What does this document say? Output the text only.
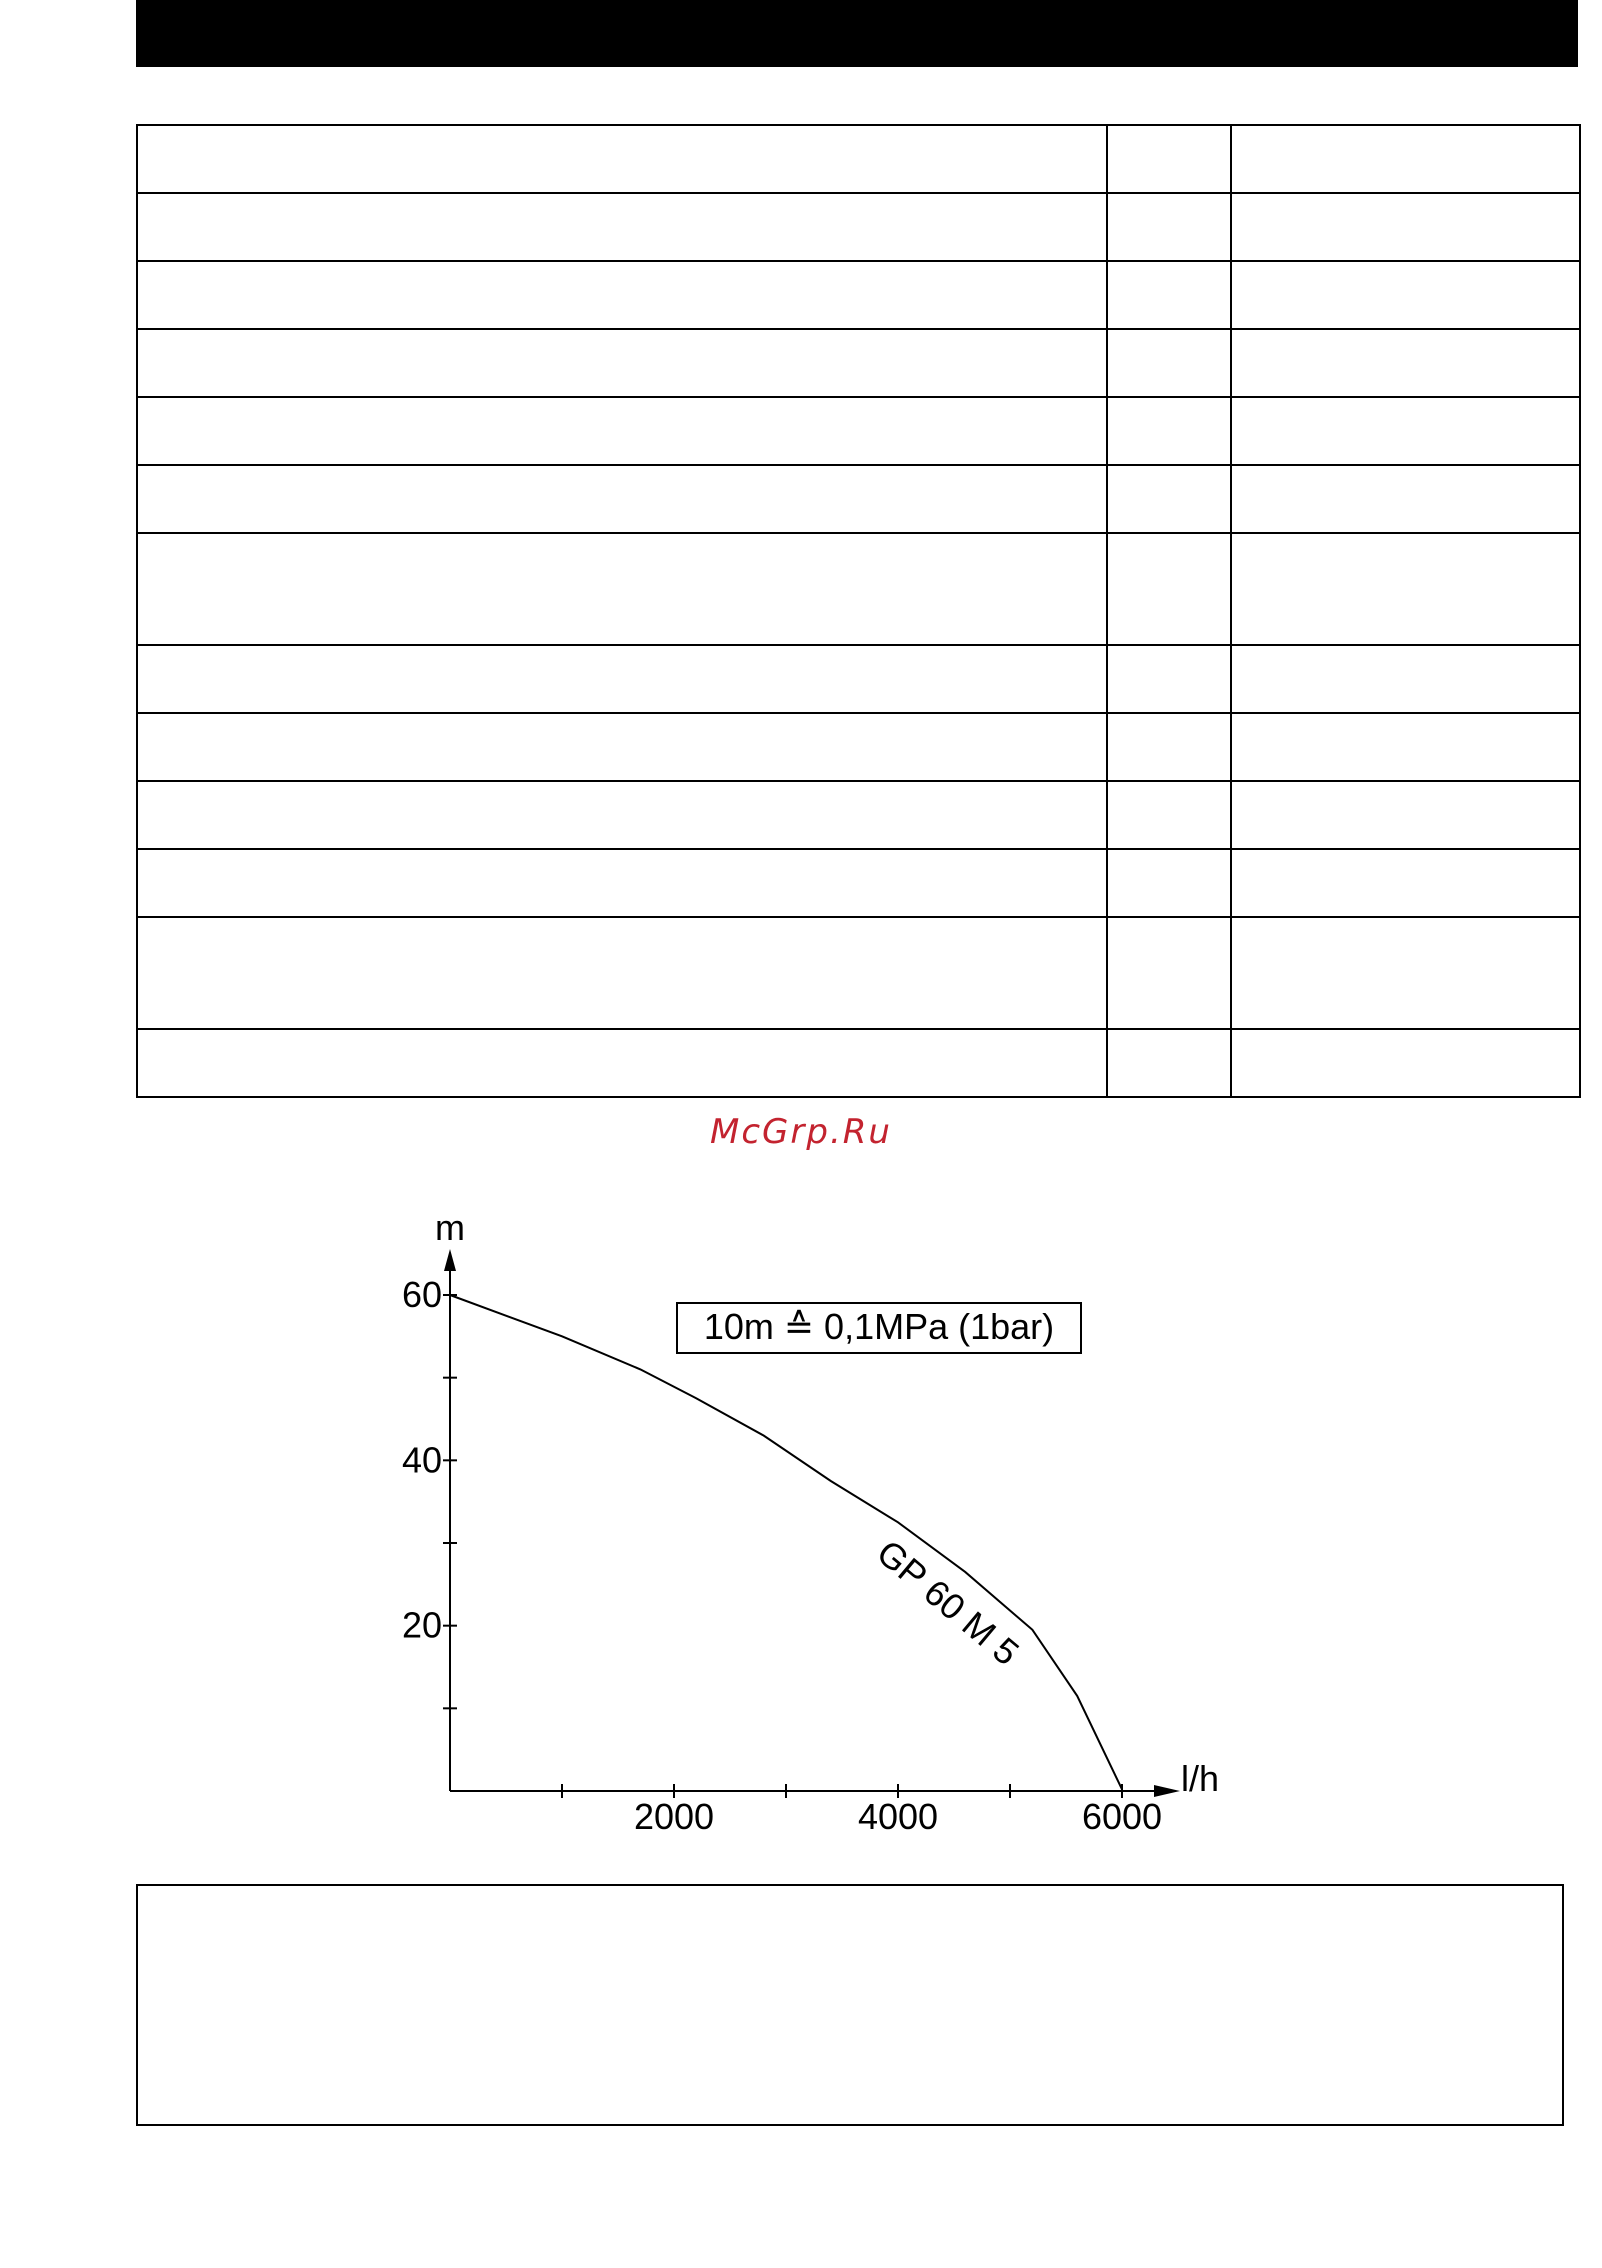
McGrp.Ru
2000	4000	6000
20
40
60
10m ≙ 0,1MPa (1bar)
GP 60 M 5
m
l/h
